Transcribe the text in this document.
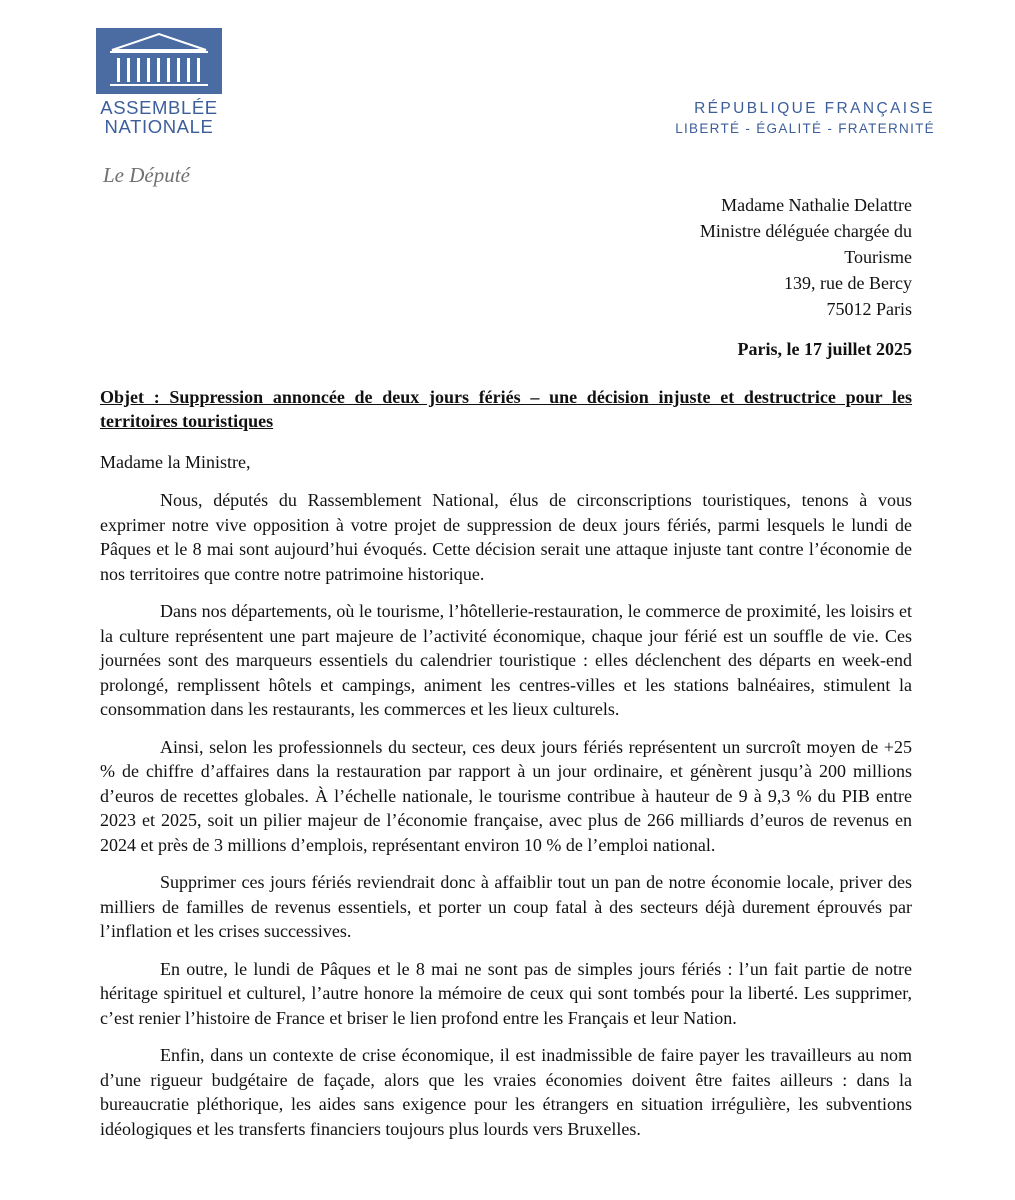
ASSEMBLÉE
NATIONALE
RÉPUBLIQUE FRANÇAISE
LIBERTÉ - ÉGALITÉ - FRATERNITÉ
Le Député
Madame Nathalie Delattre
Ministre déléguée chargée du
Tourisme
139, rue de Bercy
75012 Paris
Paris, le 17 juillet 2025
Objet : Suppression annoncée de deux jours fériés – une décision injuste et destructrice pour les territoires touristiques
Madame la Ministre,

Nous, députés du Rassemblement National, élus de circonscriptions touristiques, tenons à vous exprimer notre vive opposition à votre projet de suppression de deux jours fériés, parmi lesquels le lundi de Pâques et le 8 mai sont aujourd’hui évoqués. Cette décision serait une attaque injuste tant contre l’économie de nos territoires que contre notre patrimoine historique.

Dans nos départements, où le tourisme, l’hôtellerie-restauration, le commerce de proximité, les loisirs et la culture représentent une part majeure de l’activité économique, chaque jour férié est un souffle de vie. Ces journées sont des marqueurs essentiels du calendrier touristique : elles déclenchent des départs en week-end prolongé, remplissent hôtels et campings, animent les centres-villes et les stations balnéaires, stimulent la consommation dans les restaurants, les commerces et les lieux culturels.

Ainsi, selon les professionnels du secteur, ces deux jours fériés représentent un surcroît moyen de +25 % de chiffre d’affaires dans la restauration par rapport à un jour ordinaire, et génèrent jusqu’à 200 millions d’euros de recettes globales. À l’échelle nationale, le tourisme contribue à hauteur de 9 à 9,3 % du PIB entre 2023 et 2025, soit un pilier majeur de l’économie française, avec plus de 266 milliards d’euros de revenus en 2024 et près de 3 millions d’emplois, représentant environ 10 % de l’emploi national.

Supprimer ces jours fériés reviendrait donc à affaiblir tout un pan de notre économie locale, priver des milliers de familles de revenus essentiels, et porter un coup fatal à des secteurs déjà durement éprouvés par l’inflation et les crises successives.

En outre, le lundi de Pâques et le 8 mai ne sont pas de simples jours fériés : l’un fait partie de notre héritage spirituel et culturel, l’autre honore la mémoire de ceux qui sont tombés pour la liberté. Les supprimer, c’est renier l’histoire de France et briser le lien profond entre les Français et leur Nation.

Enfin, dans un contexte de crise économique, il est inadmissible de faire payer les travailleurs au nom d’une rigueur budgétaire de façade, alors que les vraies économies doivent être faites ailleurs : dans la bureaucratie pléthorique, les aides sans exigence pour les étrangers en situation irrégulière, les subventions idéologiques et les transferts financiers toujours plus lourds vers Bruxelles.
